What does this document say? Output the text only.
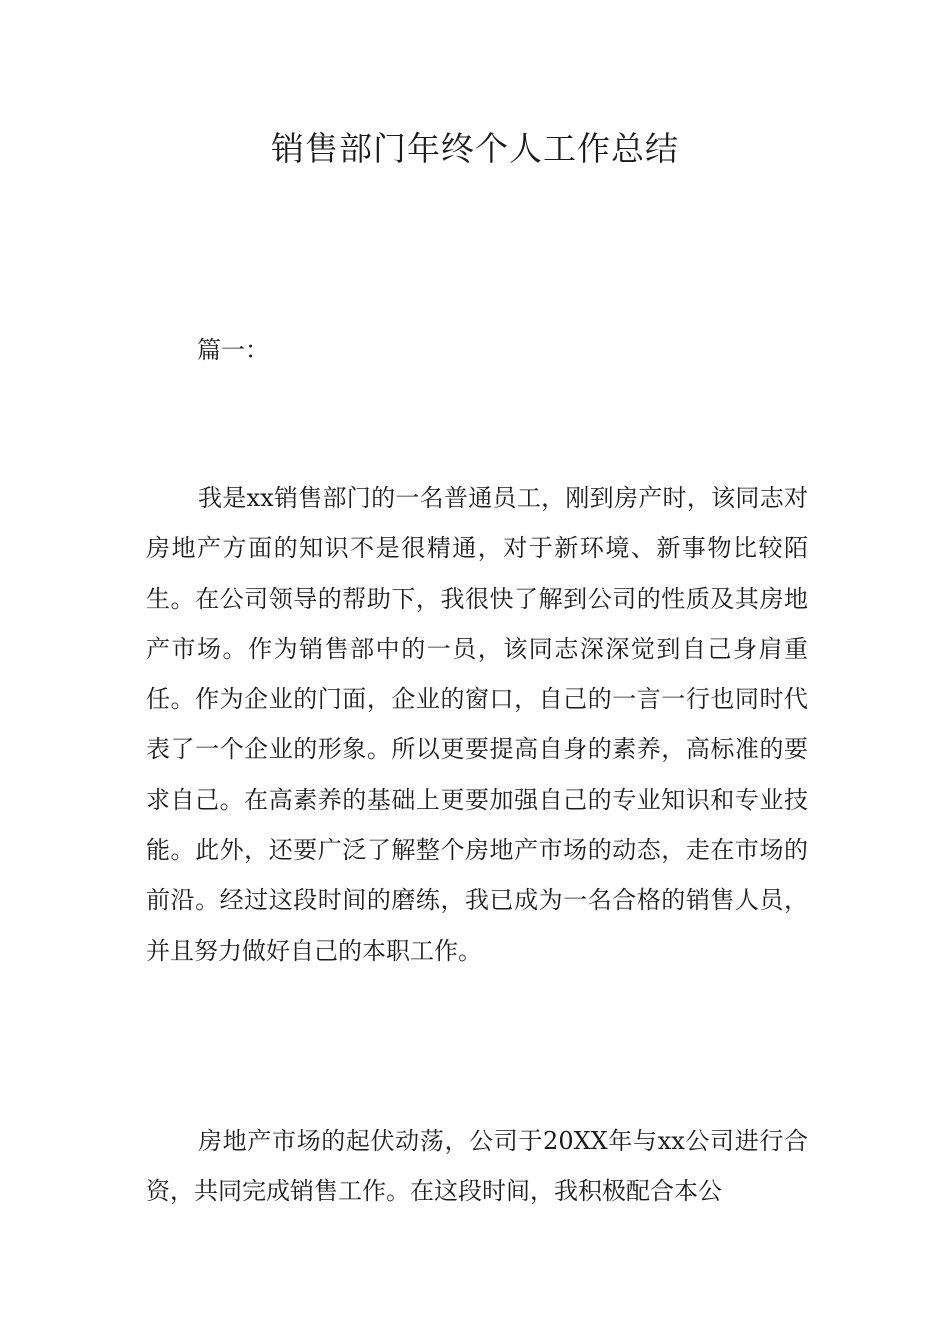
销售部门年终个人工作总结

篇一：

我是xx销售部门的一名普通员工，刚到房产时，该同志对房地产方面的知识不是很精通，对于新环境、新事物比较陌生。在公司领导的帮助下，我很快了解到公司的性质及其房地产市场。作为销售部中的一员，该同志深深觉到自己身肩重任。作为企业的门面，企业的窗口，自己的一言一行也同时代表了一个企业的形象。所以更要提高自身的素养，高标准的要求自己。在高素养的基础上更要加强自己的专业知识和专业技能。此外，还要广泛了解整个房地产市场的动态，走在市场的前沿。经过这段时间的磨练，我已成为一名合格的销售人员，并且努力做好自己的本职工作。

房地产市场的起伏动荡，公司于20XX年与xx公司进行合资，共同完成销售工作。在这段时间，我积极配合本公
